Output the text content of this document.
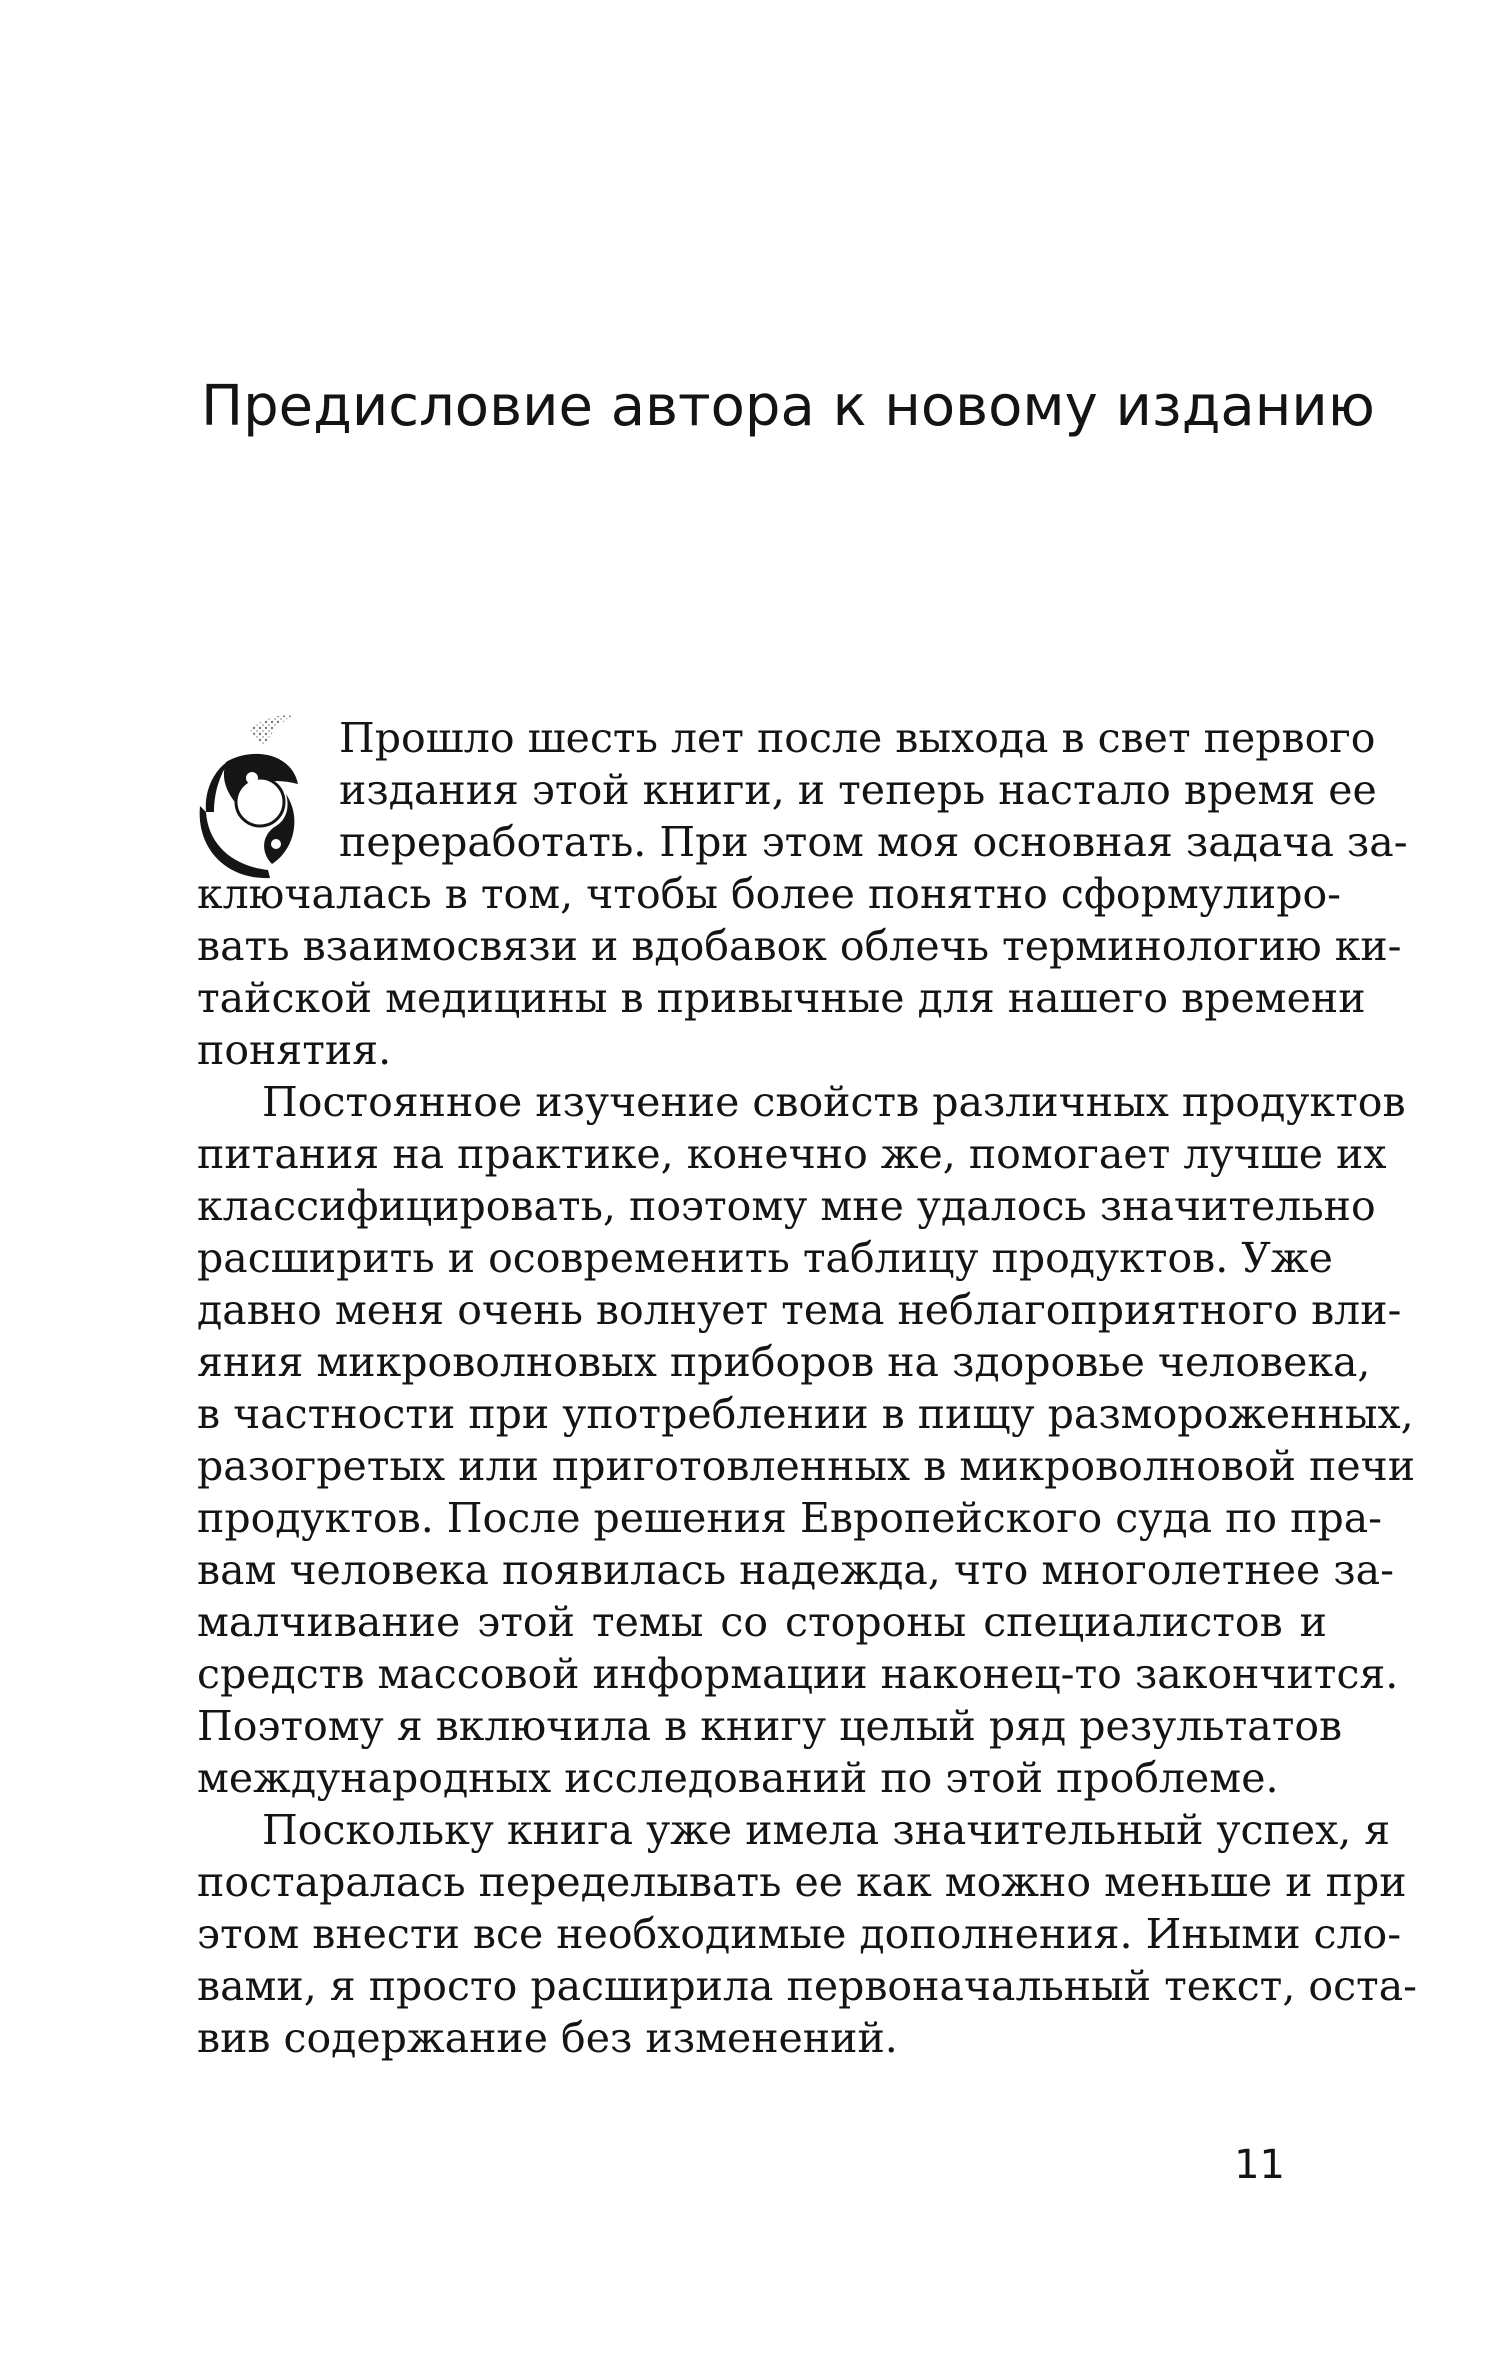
Предисловие автора к новому изданию
Прошло шесть лет после выхода в свет первого
издания этой книги, и теперь настало время ее
переработать. При этом моя основная задача за-
ключалась в том, чтобы более понятно сформулиро-
вать взаимосвязи и вдобавок облечь терминологию ки-
тайской медицины в привычные для нашего времени
понятия.
Постоянное изучение свойств различных продуктов
питания на практике, конечно же, помогает лучше их
классифицировать, поэтому мне удалось значительно
расширить и осовременить таблицу продуктов. Уже
давно меня очень волнует тема неблагоприятного вли-
яния микроволновых приборов на здоровье человека,
в частности при употреблении в пищу размороженных,
разогретых или приготовленных в микроволновой печи
продуктов. После решения Европейского суда по пра-
вам человека появилась надежда, что многолетнее за-
малчивание этой темы со стороны специалистов и
средств массовой информации наконец-то закончится.
Поэтому я включила в книгу целый ряд результатов
международных исследований по этой проблеме.
Поскольку книга уже имела значительный успех, я
постаралась переделывать ее как можно меньше и при
этом внести все необходимые дополнения. Иными сло-
вами, я просто расширила первоначальный текст, оста-
вив содержание без изменений.
11
